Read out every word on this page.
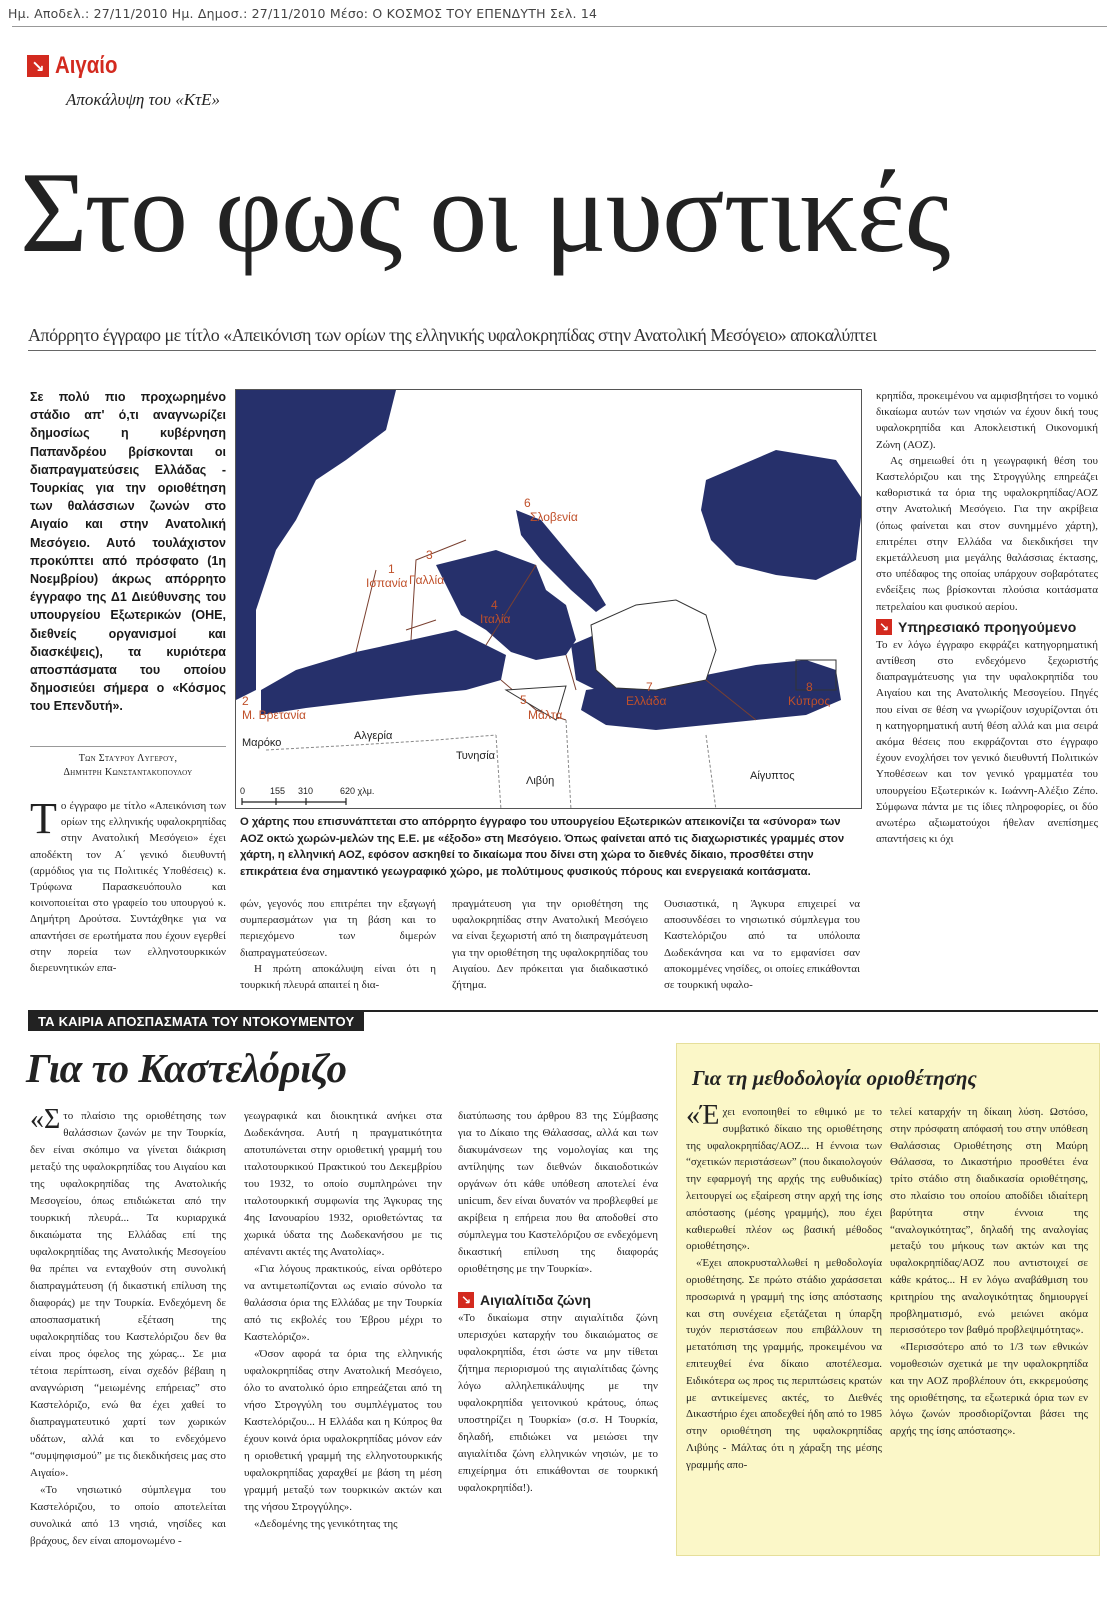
Ημ. Αποδελ.: 27/11/2010 Ημ. Δημοσ.: 27/11/2010 Μέσο: Ο ΚΟΣΜΟΣ ΤΟΥ ΕΠΕΝΔΥΤΗ Σελ. 14
↘ Αιγαίο
Αποκάλυψη του «ΚτΕ»
Στο φως οι μυστικές
Απόρρητο έγγραφο με τίτλο «Απεικόνιση των ορίων της ελληνικής υφαλοκρηπίδας στην Ανατολική Μεσόγειο» αποκαλύπτει
Σε πολύ πιο προχωρημένο στάδιο απ' ό,τι αναγνωρίζει δημοσίως η κυβέρνηση Παπανδρέου βρίσκονται οι διαπραγματεύσεις Ελλάδας - Τουρκίας για την οριοθέτηση των θαλάσσιων ζωνών στο Αιγαίο και στην Ανατολική Μεσόγειο. Αυτό τουλάχιστον προκύπτει από πρόσφατο (1η Νοεμβρίου) άκρως απόρρητο έγγραφο της Δ1 Διεύθυνσης του υπουργείου Εξωτερικών (ΟΗΕ, διεθνείς οργανισμοί και διασκέψεις), τα κυριότερα αποσπάσματα του οποίου δημοσιεύει σήμερα ο «Κόσμος του Επενδυτή».
Των Σταύρου Λυγερού,
Δημήτρη Κωνσταντακόπουλου
1
Ισπανία
2
Μ. Βρετανία
3
Γαλλία
4
Ιταλία
5
Μάλτα
6
Σλοβενία
7
Ελλάδα
8
Κύπρος
Μαρόκο
Αλγερία
Τυνησία
Λιβύη	Αίγυπτος
0	155 310	620 χλμ.
Ο χάρτης που επισυνάπτεται στο απόρρητο έγγραφο του υπουργείου Εξωτερικών απεικονίζει τα «σύνορα» των ΑΟΖ οκτώ χωρών-μελών της Ε.Ε. με «έξοδο» στη Μεσόγειο. Όπως φαίνεται από τις διαχωριστικές γραμμές στον χάρτη, η ελληνική ΑΟΖ, εφόσον ασκηθεί το δικαίωμα που δίνει στη χώρα το διεθνές δίκαιο, προσθέτει στην επικράτεια ένα σημαντικό γεωγραφικό χώρο, με πολύτιμους φυσικούς πόρους και ενεργειακά κοιτάσματα.
Τ ο έγγραφο με τίτλο «Απεικόνιση των ορίων της ελληνικής υφαλοκρηπίδας στην Ανατολική Μεσόγειο» έχει αποδέκτη τον Α΄ γενικό διευθυντή (αρμόδιος για τις Πολιτικές Υποθέσεις) κ. Τρύφωνα Παρασκευόπουλο και κοινοποιείται στο γραφείο του υπουργού κ. Δημήτρη Δρούτσα. Συντάχθηκε για να απαντήσει σε ερωτήματα που έχουν εγερθεί στην πορεία των ελληνοτουρκικών διερευνητικών επα-

φών, γεγονός που επιτρέπει την εξαγωγή συμπερασμάτων για τη βάση και το περιεχόμενο των διμερών διαπραγματεύσεων.

Η πρώτη αποκάλυψη είναι ότι η τουρκική πλευρά απαιτεί η δια-

πραγμάτευση για την οριοθέτηση της υφαλοκρηπίδας στην Ανατολική Μεσόγειο να είναι ξεχωριστή από τη διαπραγμάτευση για την οριοθέτηση της υφαλοκρηπίδας του Αιγαίου. Δεν πρόκειται για διαδικαστικό ζήτημα.

Ουσιαστικά, η Άγκυρα επιχειρεί να αποσυνδέσει το νησιωτικό σύμπλεγμα του Καστελόριζου από τα υπόλοιπα Δωδεκάνησα και να το εμφανίσει σαν αποκομμένες νησίδες, οι οποίες επικάθονται σε τουρκική υφαλο-

κρηπίδα, προκειμένου να αμφισβητήσει το νομικό δικαίωμα αυτών των νησιών να έχουν δική τους υφαλοκρηπίδα και Αποκλειστική Οικονομική Ζώνη (ΑΟΖ).

Ας σημειωθεί ότι η γεωγραφική θέση του Καστελόριζου και της Στρογγύλης επηρεάζει καθοριστικά τα όρια της υφαλοκρηπίδας/ΑΟΖ στην Ανατολική Μεσόγειο. Για την ακρίβεια (όπως φαίνεται και στον συνημμένο χάρτη), επιτρέπει στην Ελλάδα να διεκδικήσει την εκμετάλλευση μια μεγάλης θαλάσσιας έκτασης, στο υπέδαφος της οποίας υπάρχουν σοβαρότατες ενδείξεις πως βρίσκονται πλούσια κοιτάσματα πετρελαίου και φυσικού αερίου.

↘ Υπηρεσιακό προηγούμενο

Το εν λόγω έγγραφο εκφράζει κατηγορηματική αντίθεση στο ενδεχόμενο ξεχωριστής διαπραγμάτευσης για την υφαλοκρηπίδα του Αιγαίου και της Ανατολικής Μεσογείου. Πηγές που είναι σε θέση να γνωρίζουν ισχυρίζονται ότι η κατηγορηματική αυτή θέση αλλά και μια σειρά ακόμα θέσεις που εκφράζονται στο έγγραφο έχουν ενοχλήσει τον γενικό διευθυντή Πολιτικών Υποθέσεων και τον γενικό γραμματέα του υπουργείου Εξωτερικών κ. Ιωάννη-Αλέξιο Ζέπο. Σύμφωνα πάντα με τις ίδιες πληροφορίες, οι δύο ανωτέρω αξιωματούχοι ήθελαν ανεπίσημες απαντήσεις κι όχι

ΤΑ ΚΑΙΡΙΑ ΑΠΟΣΠΑΣΜΑΤΑ ΤΟΥ ΝΤΟΚΟΥΜΕΝΤΟΥ
Για το Καστελόριζο
«Σ το πλαίσιο της οριοθέτησης των θαλάσσιων ζωνών με την Τουρκία, δεν είναι σκόπιμο να γίνεται διάκριση μεταξύ της υφαλοκρηπίδας του Αιγαίου και της υφαλοκρηπίδας της Ανατολικής Μεσογείου, όπως επιδιώκεται από την τουρκική πλευρά... Τα κυριαρχικά δικαιώματα της Ελλάδας επί της υφαλοκρηπίδας της Ανατολικής Μεσογείου θα πρέπει να ενταχθούν στη συνολική διαπραγμάτευση (ή δικαστική επίλυση της διαφοράς) με την Τουρκία. Ενδεχόμενη δε αποσπασματική εξέταση της υφαλοκρηπίδας του Καστελόριζου δεν θα είναι προς όφελος της χώρας... Σε μια τέτοια περίπτωση, είναι σχεδόν βέβαιη η αναγνώριση “μειωμένης επήρειας” στο Καστελόριζο, ενώ θα έχει χαθεί το διαπραγματευτικό χαρτί των χωρικών υδάτων, αλλά και το ενδεχόμενο “συμψηφισμού” με τις διεκδικήσεις μας στο Αιγαίο».

«Το νησιωτικό σύμπλεγμα του Καστελόριζου, το οποίο αποτελείται συνολικά από 13 νησιά, νησίδες και βράχους, δεν είναι απομονωμένο -

γεωγραφικά και διοικητικά ανήκει στα Δωδεκάνησα. Αυτή η πραγματικότητα αποτυπώνεται στην οριοθετική γραμμή του ιταλοτουρκικού Πρακτικού του Δεκεμβρίου του 1932, το οποίο συμπληρώνει την ιταλοτουρκική συμφωνία της Άγκυρας της 4ης Ιανουαρίου 1932, οριοθετώντας τα χωρικά ύδατα της Δωδεκανήσου με τις απέναντι ακτές της Ανατολίας».

«Για λόγους πρακτικούς, είναι ορθότερο να αντιμετωπίζονται ως ενιαίο σύνολο τα θαλάσσια όρια της Ελλάδας με την Τουρκία από τις εκβολές του Έβρου μέχρι το Καστελόριζο».

«Όσον αφορά τα όρια της ελληνικής υφαλοκρηπίδας στην Ανατολική Μεσόγειο, όλο το ανατολικό όριο επηρεάζεται από τη νήσο Στρογγύλη του συμπλέγματος του Καστελόριζου... Η Ελλάδα και η Κύπρος θα έχουν κοινά όρια υφαλοκρηπίδας μόνον εάν η οριοθετική γραμμή της ελληνοτουρκικής υφαλοκρηπίδας χαραχθεί με βάση τη μέση γραμμή μεταξύ των τουρκικών ακτών και της νήσου Στρογγύλης».

«Δεδομένης της γενικότητας της

διατύπωσης του άρθρου 83 της Σύμβασης για το Δίκαιο της Θάλασσας, αλλά και των διακυμάνσεων της νομολογίας και της αντίληψης των διεθνών δικαιοδοτικών οργάνων ότι κάθε υπόθεση αποτελεί ένα unicum, δεν είναι δυνατόν να προβλεφθεί με ακρίβεια η επήρεια που θα αποδοθεί στο σύμπλεγμα του Καστελόριζου σε ενδεχόμενη δικαστική επίλυση της διαφοράς οριοθέτησης με την Τουρκία».

↘ Αιγιαλίτιδα ζώνη

«Το δικαίωμα στην αιγιαλίτιδα ζώνη υπερισχύει καταρχήν του δικαιώματος σε υφαλοκρηπίδα, έτσι ώστε να μην τίθεται ζήτημα περιορισμού της αιγιαλίτιδας ζώνης λόγω αλληλεπικάλυψης με την υφαλοκρηπίδα γειτονικού κράτους, όπως υποστηρίζει η Τουρκία» (σ.σ. Η Τουρκία, δηλαδή, επιδιώκει να μειώσει την αιγιαλίτιδα ζώνη ελληνικών νησιών, με το επιχείρημα ότι επικάθονται σε τουρκική υφαλοκρηπίδα!).

Για τη μεθοδολογία οριοθέτησης
«Έ χει ενοποιηθεί το εθιμικό με το συμβατικό δίκαιο της οριοθέτησης της υφαλοκρηπίδας/ΑΟΖ... Η έννοια των “σχετικών περιστάσεων” (που δικαιολογούν την εφαρμογή της αρχής της ευθυδικίας) λειτουργεί ως εξαίρεση στην αρχή της ίσης απόστασης (μέσης γραμμής), που έχει καθιερωθεί πλέον ως βασική μέθοδος οριοθέτησης».

«Έχει αποκρυσταλλωθεί η μεθοδολογία οριοθέτησης. Σε πρώτο στάδιο χαράσσεται προσωρινά η γραμμή της ίσης απόστασης και στη συνέχεια εξετάζεται η ύπαρξη τυχόν περιστάσεων που επιβάλλουν τη μετατόπιση της γραμμής, προκειμένου να επιτευχθεί ένα δίκαιο αποτέλεσμα. Ειδικότερα ως προς τις περιπτώσεις κρατών με αντικείμενες ακτές, το Διεθνές Δικαστήριο έχει αποδεχθεί ήδη από το 1985 στην οριοθέτηση της υφαλοκρηπίδας Λιβύης - Μάλτας ότι η χάραξη της μέσης γραμμής απο-

τελεί καταρχήν τη δίκαιη λύση. Ωστόσο, στην πρόσφατη απόφασή του στην υπόθεση Θαλάσσιας Οριοθέτησης στη Μαύρη Θάλασσα, το Δικαστήριο προσθέτει ένα τρίτο στάδιο στη διαδικασία οριοθέτησης, στο πλαίσιο του οποίου αποδίδει ιδιαίτερη βαρύτητα στην έννοια της “αναλογικότητας”, δηλαδή της αναλογίας μεταξύ του μήκους των ακτών και της υφαλοκρηπίδας/ΑΟΖ που αντιστοιχεί σε κάθε κράτος... Η εν λόγω αναβάθμιση του κριτηρίου της αναλογικότητας δημιουργεί προβληματισμό, ενώ μειώνει ακόμα περισσότερο τον βαθμό προβλεψιμότητας».

«Περισσότερο από το 1/3 των εθνικών νομοθεσιών σχετικά με την υφαλοκρηπίδα και την ΑΟΖ προβλέπουν ότι, εκκρεμούσης της οριοθέτησης, τα εξωτερικά όρια των εν λόγω ζωνών προσδιορίζονται βάσει της αρχής της ίσης απόστασης».
